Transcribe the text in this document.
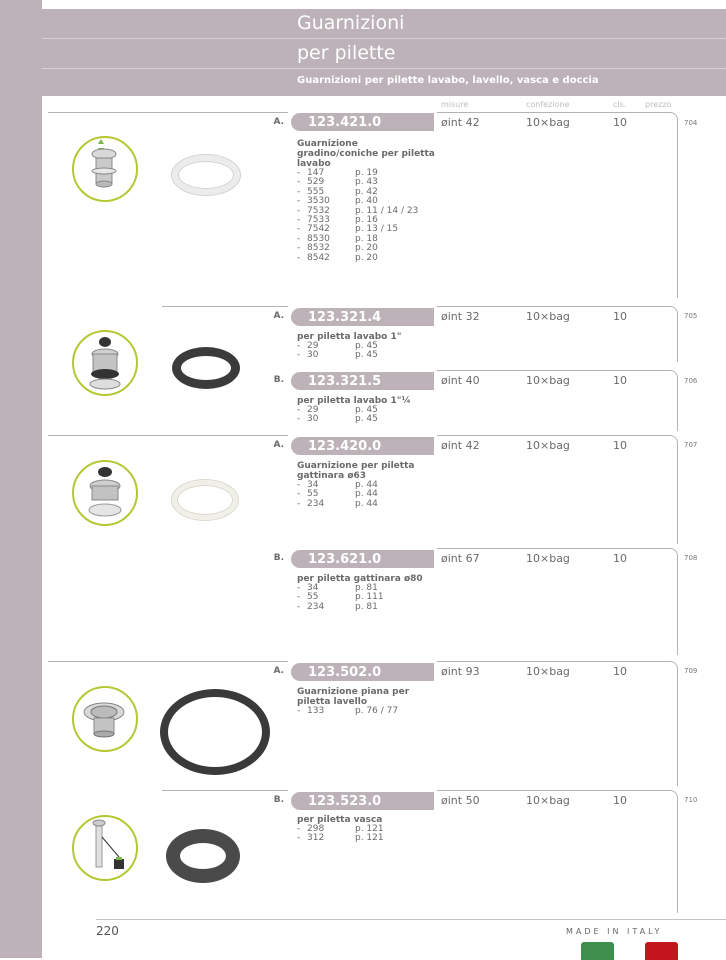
Guarnizioni
per pilette
Guarnizioni per pilette lavabo, lavello, vasca e doccia
misure	confezione	cls. prezzo
A. 123.421.0	øint 42	10×bag	10	704
Guarnizione gradino/coniche per piletta lavabo
- 147	p. 19
- 529	p. 43
- 555	p. 42
- 3530	p. 40
- 7532	p. 11 / 14 / 23
- 7533	p. 16
- 7542	p. 13 / 15
- 8530	p. 18
- 8532	p. 20
- 8542	p. 20
A. 123.321.4	øint 32	10×bag	10	705
per piletta lavabo 1"
- 29	p. 45
- 30	p. 45
B. 123.321.5	øint 40	10×bag	10	706
per piletta lavabo 1"¼
- 29	p. 45
- 30	p. 45
A. 123.420.0	øint 42	10×bag	10	707
Guarnizione per piletta gattinara ø63
- 34	p. 44
- 55	p. 44
- 234	p. 44
B. 123.621.0	øint 67	10×bag	10	708
per piletta gattinara ø80
- 34	p. 81
- 55	p. 111
- 234	p. 81
A. 123.502.0	øint 93	10×bag	10	709
Guarnizione piana per piletta lavello
- 133	p. 76 / 77
B. 123.523.0	øint 50	10×bag	10	710
per piletta vasca
- 298	p. 121
- 312	p. 121
220	MADE IN ITALY
